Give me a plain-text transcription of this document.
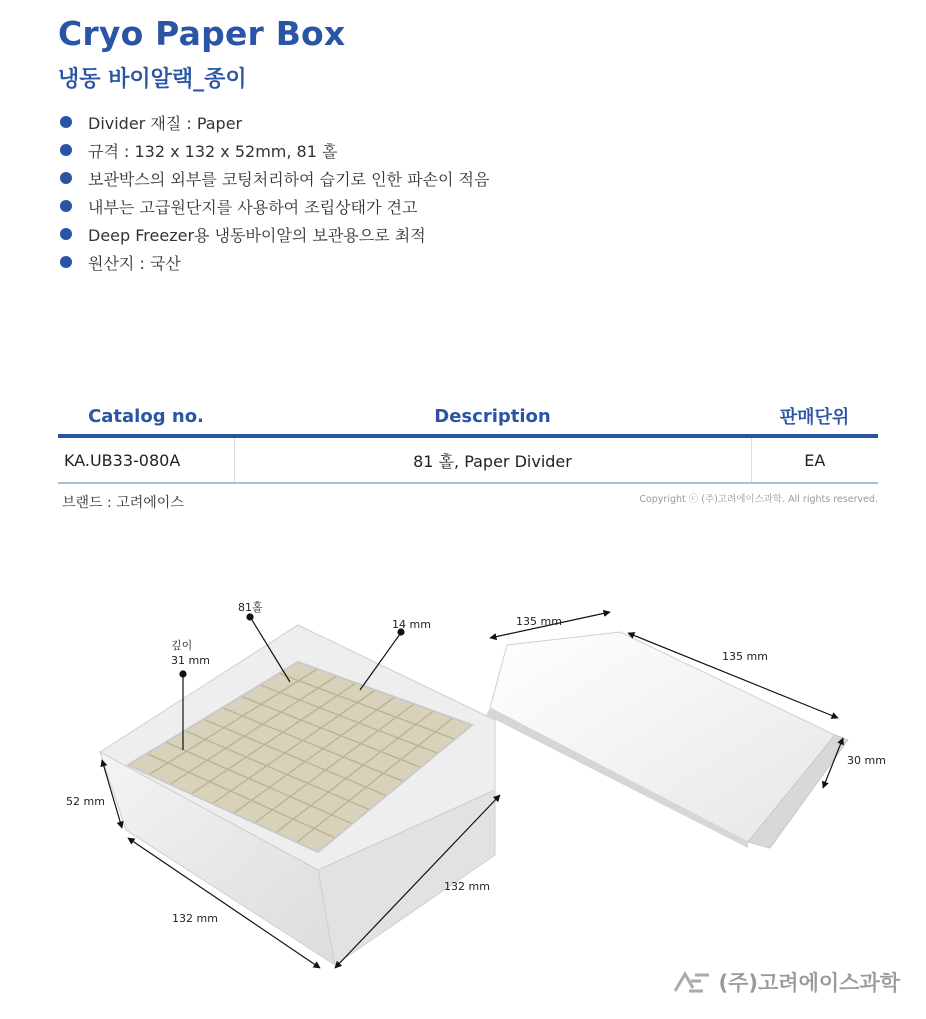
Cryo Paper Box
냉동 바이알랙_종이
Divider 재질 : Paper
규격 : 132 x 132 x 52mm, 81 홀
보관박스의 외부를 코팅처리하여 습기로 인한 파손이 적음
내부는 고급원단지를 사용하여 조립상태가 견고
Deep Freezer용 냉동바이알의 보관용으로 최적
원산지 : 국산
Catalog no.	Description	판매단위
KA.UB33-080A	81 홀, Paper Divider	EA
브랜드 : 고려에이스	Copyright ⓒ (주)고려에이스과학. All rights reserved.
81홀
14 mm
깊이
31 mm
52 mm
132 mm
132 mm
135 mm
135 mm
30 mm
(주)고려에이스과학
